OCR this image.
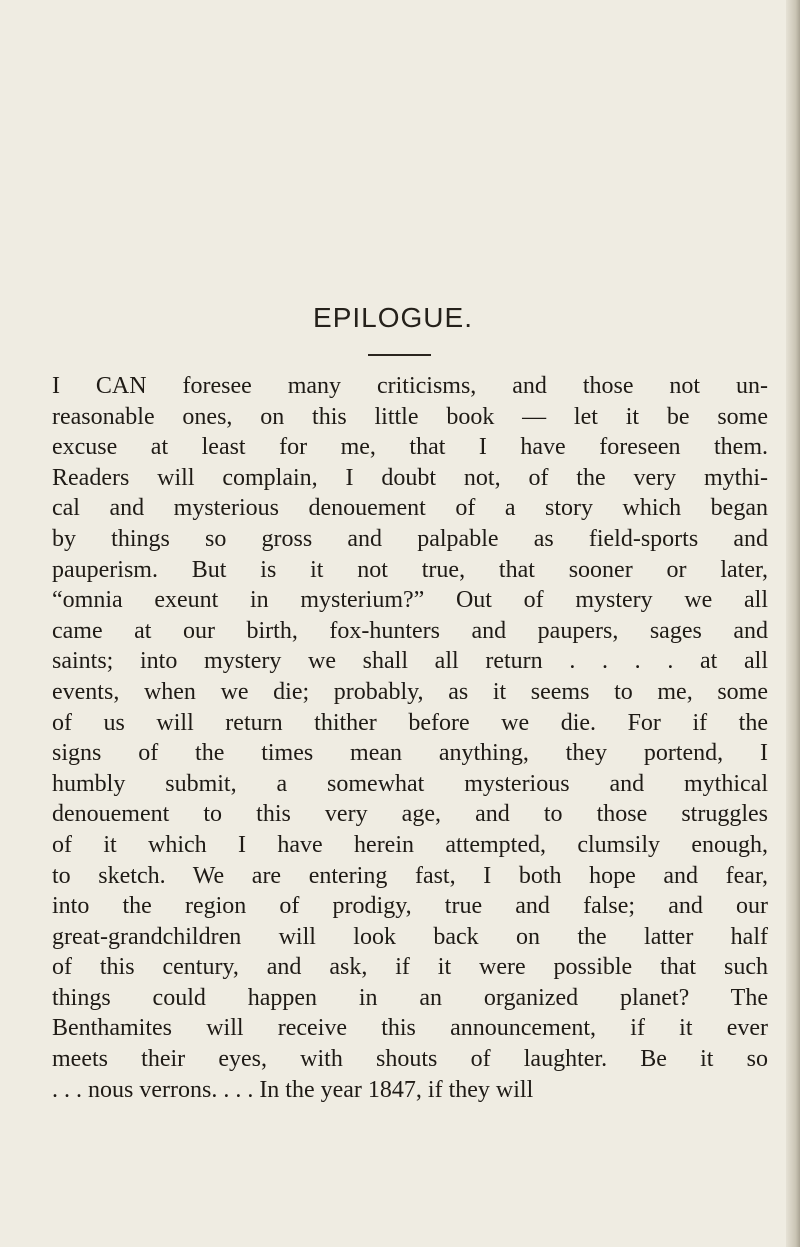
EPILOGUE.
I CAN foresee many criticisms, and those not un-
reasonable ones, on this little book — let it be some
excuse at least for me, that I have foreseen them.
Readers will complain, I doubt not, of the very mythi-
cal and mysterious denouement of a story which began
by things so gross and palpable as field-sports and
pauperism. But is it not true, that sooner or later,
“omnia exeunt in mysterium?” Out of mystery we all
came at our birth, fox-hunters and paupers, sages and
saints; into mystery we shall all return . . . . at all
events, when we die; probably, as it seems to me, some
of us will return thither before we die. For if the
signs of the times mean anything, they portend, I
humbly submit, a somewhat mysterious and mythical
denouement to this very age, and to those struggles
of it which I have herein attempted, clumsily enough,
to sketch. We are entering fast, I both hope and fear,
into the region of prodigy, true and false; and our
great-grandchildren will look back on the latter half
of this century, and ask, if it were possible that such
things could happen in an organized planet? The
Benthamites will receive this announcement, if it ever
meets their eyes, with shouts of laughter. Be it so
. . . nous verrons. . . . In the year 1847, if they will
